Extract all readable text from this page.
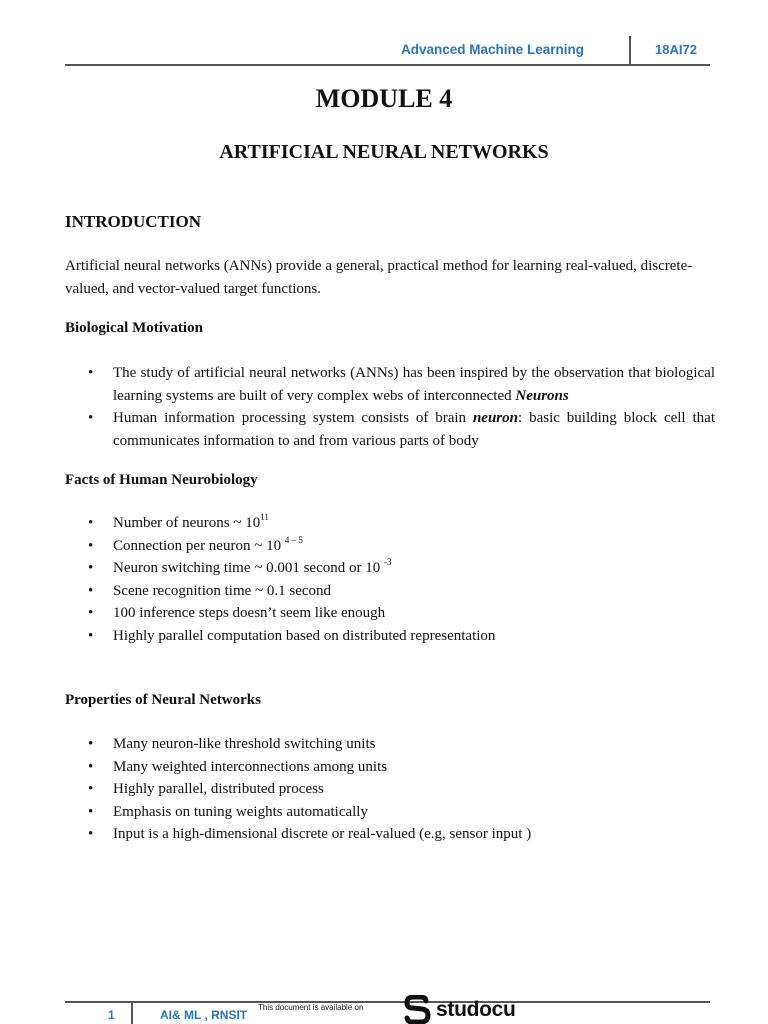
Advanced Machine Learning	18AI72
MODULE 4
ARTIFICIAL NEURAL NETWORKS
INTRODUCTION
Artificial neural networks (ANNs) provide a general, practical method for learning real-valued, discrete-valued, and vector-valued target functions.
Biological Motivation
• The study of artificial neural networks (ANNs) has been inspired by the observation that biological learning systems are built of very complex webs of interconnected Neurons
• Human information processing system consists of brain neuron: basic building block cell that communicates information to and from various parts of body
Facts of Human Neurobiology
• Number of neurons ~ $10^{11}$
• Connection per neuron ~ 10 $^{4 - 5}$
• Neuron switching time ~ 0.001 second or 10 $^{-3}$
• Scene recognition time ~ 0.1 second
• 100 inference steps doesn’t seem like enough
• Highly parallel computation based on distributed representation
Properties of Neural Networks
• Many neuron-like threshold switching units
• Many weighted interconnections among units
• Highly parallel, distributed process
• Emphasis on tuning weights automatically
• Input is a high-dimensional discrete or real-valued (e.g, sensor input )
1	AI& ML , RNSIT
This document is available on	studocu
